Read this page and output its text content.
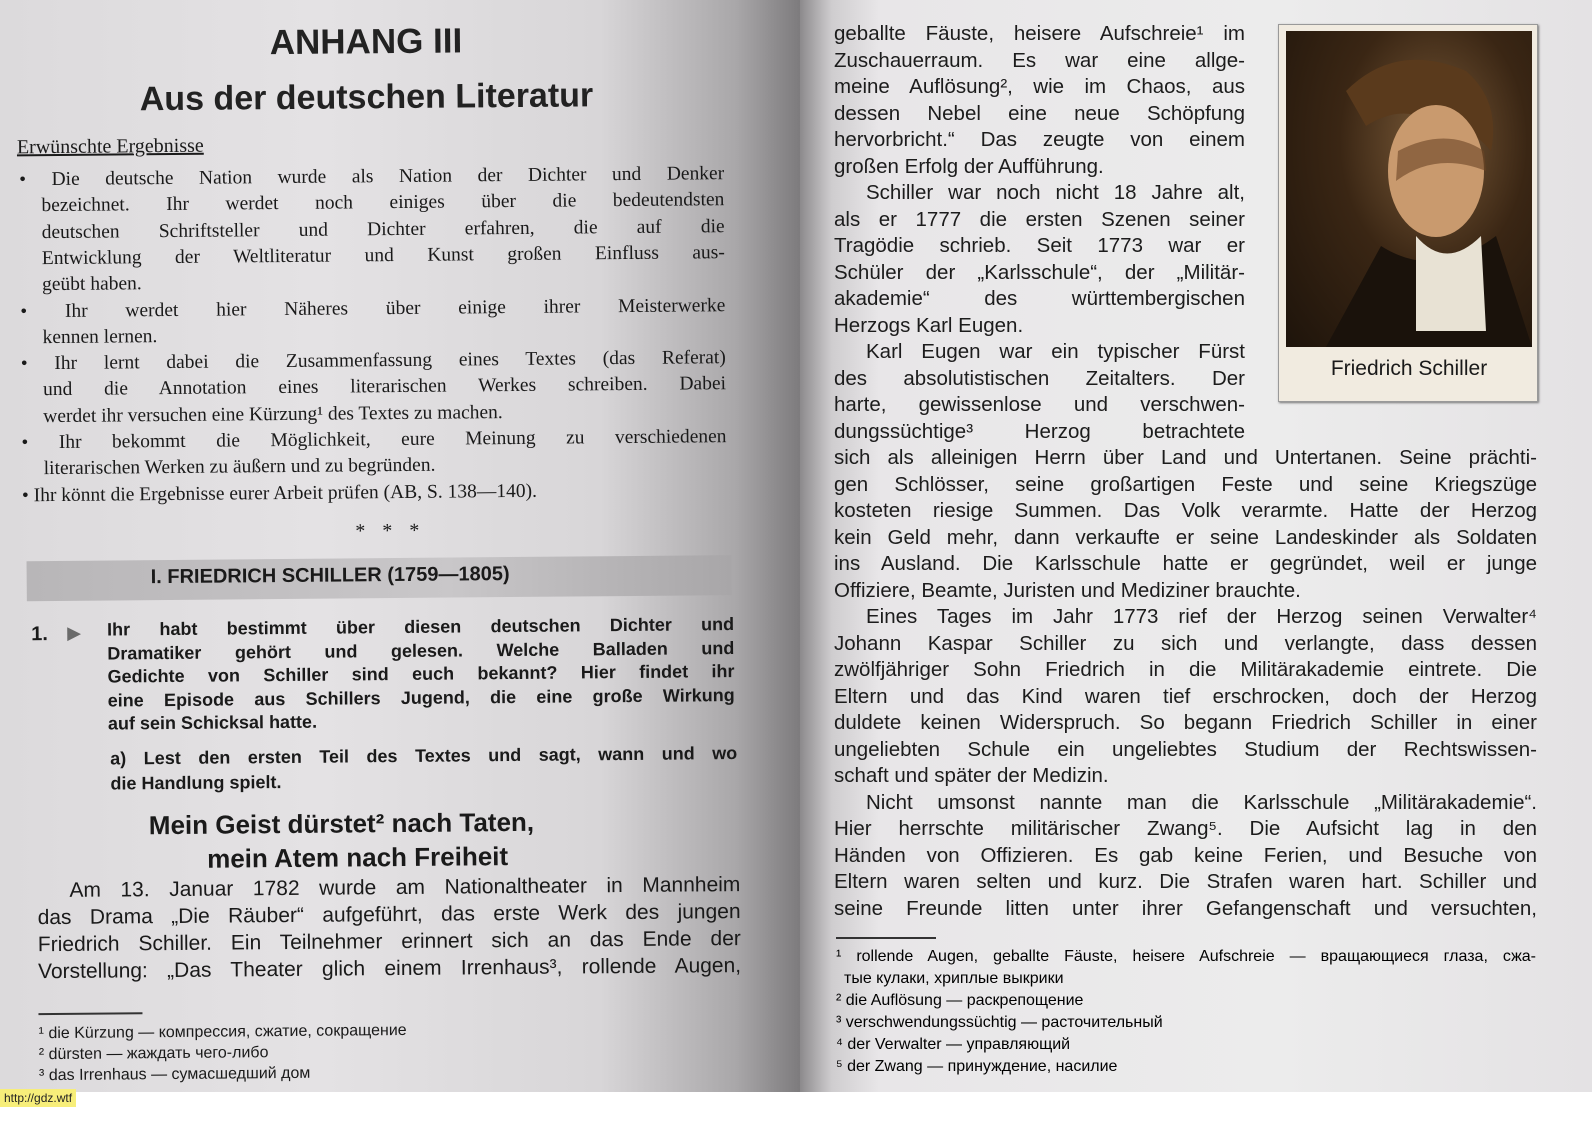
ANHANG III
Aus der deutschen Literatur
Erwünschte Ergebnisse
• Die deutsche Nation wurde als Nation der Dichter und Denker
bezeichnet. Ihr werdet noch einiges über die bedeutendsten
deutschen Schriftsteller und Dichter erfahren, die auf die
Entwicklung der Weltliteratur und Kunst großen Einfluss aus-
geübt haben.
• Ihr werdet hier Näheres über einige ihrer Meisterwerke
kennen lernen.
• Ihr lernt dabei die Zusammenfassung eines Textes (das Referat)
und die Annotation eines literarischen Werkes schreiben. Dabei
werdet ihr versuchen eine Kürzung¹ des Textes zu machen.
• Ihr bekommt die Möglichkeit, eure Meinung zu verschiedenen
literarischen Werken zu äußern und zu begründen.
• Ihr könnt die Ergebnisse eurer Arbeit prüfen (AB, S. 138—140).
* * *
I. FRIEDRICH SCHILLER (1759—1805)
1. ▶ Ihr habt bestimmt über diesen deutschen Dichter und
Dramatiker gehört und gelesen. Welche Balladen und
Gedichte von Schiller sind euch bekannt? Hier findet ihr
eine Episode aus Schillers Jugend, die eine große Wirkung
auf sein Schicksal hatte.
a) Lest den ersten Teil des Textes und sagt, wann und wo
die Handlung spielt.
Mein Geist dürstet² nach Taten,
mein Atem nach Freiheit
Am 13. Januar 1782 wurde am Nationaltheater in Mannheim
das Drama „Die Räuber“ aufgeführt, das erste Werk des jungen
Friedrich Schiller. Ein Teilnehmer erinnert sich an das Ende der
Vorstellung: „Das Theater glich einem Irrenhaus³, rollende Augen,
¹ die Kürzung — компрессия, сжатие, сокращение
² dürsten — жаждать чего-либо
³ das Irrenhaus — сумасшедший дом
geballte Fäuste, heisere Aufschreie¹ im
Zuschauerraum. Es war eine allge-
meine Auflösung², wie im Chaos, aus
dessen Nebel eine neue Schöpfung
hervorbricht.“ Das zeugte von einem
großen Erfolg der Aufführung.
Schiller war noch nicht 18 Jahre alt,
als er 1777 die ersten Szenen seiner
Tragödie schrieb. Seit 1773 war er
Schüler der „Karlsschule“, der „Militär-
akademie“ des württembergischen
Herzogs Karl Eugen.
Karl Eugen war ein typischer Fürst
des absolutistischen Zeitalters. Der
harte, gewissenlose und verschwen-
dungssüchtige³ Herzog betrachtete
sich als alleinigen Herrn über Land und Untertanen. Seine prächti-
gen Schlösser, seine großartigen Feste und seine Kriegszüge
kosteten riesige Summen. Das Volk verarmte. Hatte der Herzog
kein Geld mehr, dann verkaufte er seine Landeskinder als Soldaten
ins Ausland. Die Karlsschule hatte er gegründet, weil er junge
Offiziere, Beamte, Juristen und Mediziner brauchte.
Eines Tages im Jahr 1773 rief der Herzog seinen Verwalter⁴
Johann Kaspar Schiller zu sich und verlangte, dass dessen
zwölfjähriger Sohn Friedrich in die Militärakademie eintrete. Die
Eltern und das Kind waren tief erschrocken, doch der Herzog
duldete keinen Widerspruch. So begann Friedrich Schiller in einer
ungeliebten Schule ein ungeliebtes Studium der Rechtswissen-
schaft und später der Medizin.
Nicht umsonst nannte man die Karlsschule „Militärakademie“.
Hier herrschte militärischer Zwang⁵. Die Aufsicht lag in den
Händen von Offizieren. Es gab keine Ferien, und Besuche von
Eltern waren selten und kurz. Die Strafen waren hart. Schiller und
seine Freunde litten unter ihrer Gefangenschaft und versuchten,
¹ rollende Augen, geballte Fäuste, heisere Aufschreie — вращающиеся глаза, сжа-
тые кулаки, хриплые выкрики
² die Auflösung — раскрепощение
³ verschwendungssüchtig — расточительный
⁴ der Verwalter — управляющий
⁵ der Zwang — принуждение, насилие
Friedrich Schiller
http://gdz.wtf
